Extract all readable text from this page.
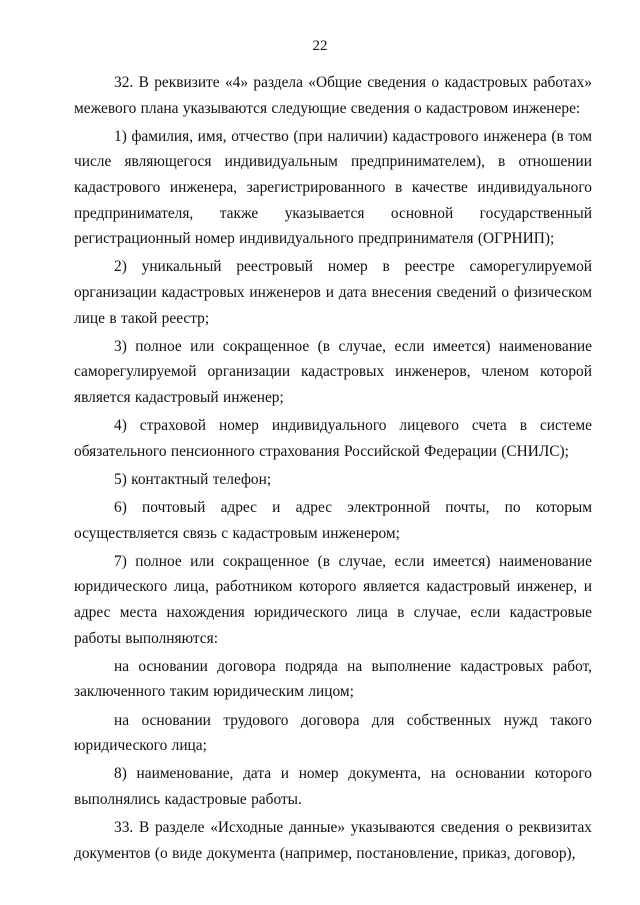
22

32. В реквизите «4» раздела «Общие сведения о кадастровых работах» межевого плана указываются следующие сведения о кадастровом инженере:

1) фамилия, имя, отчество (при наличии) кадастрового инженера (в том числе являющегося индивидуальным предпринимателем), в отношении кадастрового инженера, зарегистрированного в качестве индивидуального предпринимателя, также указывается основной государственный регистрационный номер индивидуального предпринимателя (ОГРНИП);

2) уникальный реестровый номер в реестре саморегулируемой организации кадастровых инженеров и дата внесения сведений о физическом лице в такой реестр;

3) полное или сокращенное (в случае, если имеется) наименование саморегулируемой организации кадастровых инженеров, членом которой является кадастровый инженер;

4) страховой номер индивидуального лицевого счета в системе обязательного пенсионного страхования Российской Федерации (СНИЛС);

5) контактный телефон;

6) почтовый адрес и адрес электронной почты, по которым осуществляется связь с кадастровым инженером;

7) полное или сокращенное (в случае, если имеется) наименование юридического лица, работником которого является кадастровый инженер, и адрес места нахождения юридического лица в случае, если кадастровые работы выполняются:

на основании договора подряда на выполнение кадастровых работ, заключенного таким юридическим лицом;

на основании трудового договора для собственных нужд такого юридического лица;

8) наименование, дата и номер документа, на основании которого выполнялись кадастровые работы.

33. В разделе «Исходные данные» указываются сведения о реквизитах документов (о виде документа (например, постановление, приказ, договор),
